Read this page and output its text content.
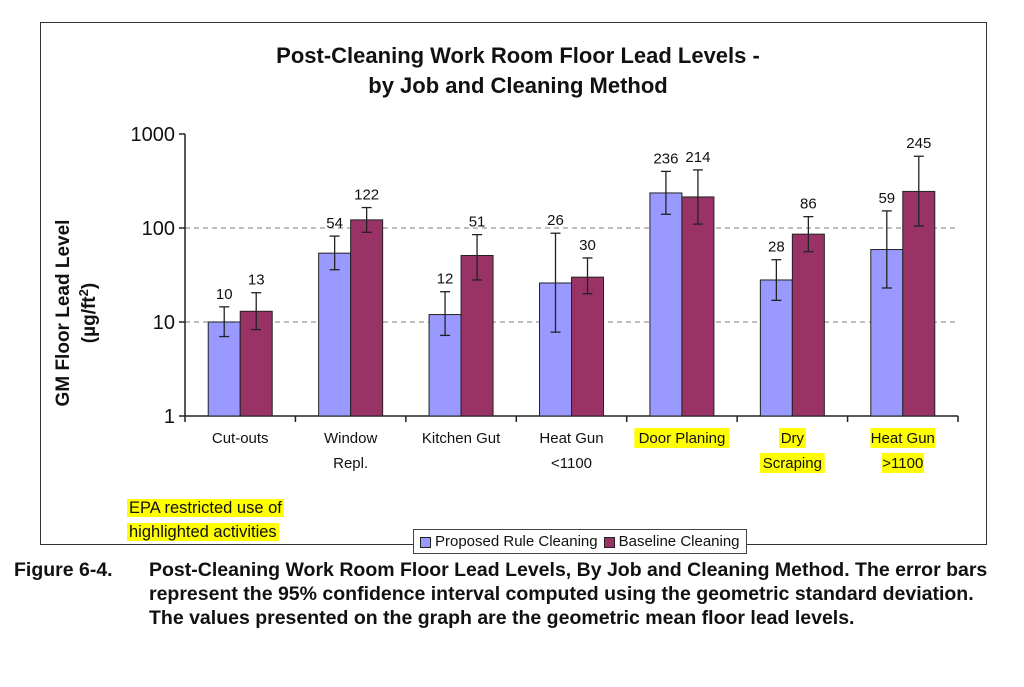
Post-Cleaning Work Room Floor Lead Levels -
by Job and Cleaning Method
GM Floor Lead Level $(\mu g/ft^2)$
1
10
100
1000
10
13
Cut-outs
54
122
Window
Repl.
12
51
Kitchen Gut
26
30
Heat Gun
<1100
236 214
Door Planing
28
86
Dry
Scraping
59
245
Heat Gun
>1100
EPA restricted use of
highlighted activities
Proposed Rule Cleaning	Baseline Cleaning
Figure 6-4. Post-Cleaning Work Room Floor Lead Levels, By Job and Cleaning Method. The error bars represent the 95% confidence interval computed using the geometric standard deviation. The values presented on the graph are the geometric mean floor lead levels.
